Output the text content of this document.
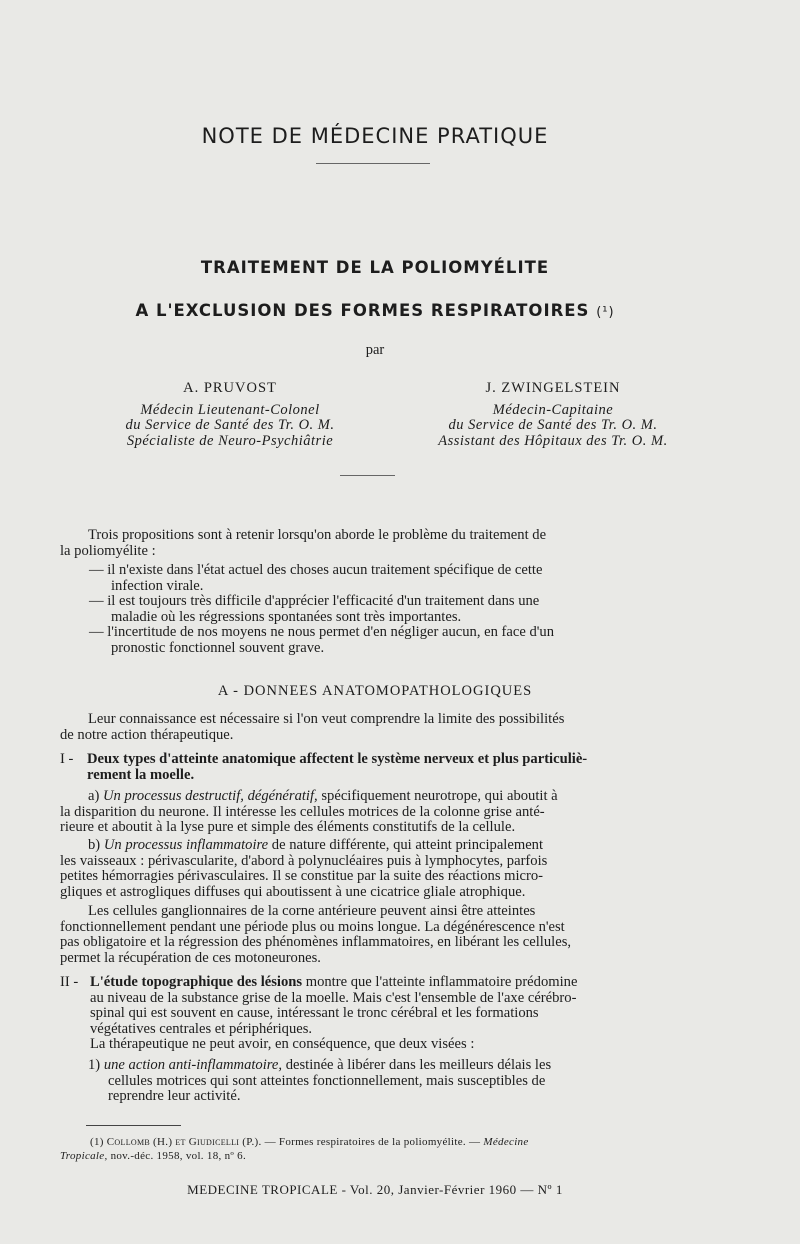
NOTE DE MÉDECINE PRATIQUE
TRAITEMENT DE LA POLIOMYÉLITE
A L'EXCLUSION DES FORMES RESPIRATOIRES (¹)
par
A. PRUVOST
Médecin Lieutenant-Colonel
du Service de Santé des Tr. O. M.
Spécialiste de Neuro-Psychiâtrie
J. ZWINGELSTEIN
Médecin-Capitaine
du Service de Santé des Tr. O. M.
Assistant des Hôpitaux des Tr. O. M.
Trois propositions sont à retenir lorsqu'on aborde le problème du traitement de
la poliomyélite :
— il n'existe dans l'état actuel des choses aucun traitement spécifique de cette
infection virale.
— il est toujours très difficile d'apprécier l'efficacité d'un traitement dans une
maladie où les régressions spontanées sont très importantes.
— l'incertitude de nos moyens ne nous permet d'en négliger aucun, en face d'un
pronostic fonctionnel souvent grave.
A - DONNEES ANATOMOPATHOLOGIQUES
Leur connaissance est nécessaire si l'on veut comprendre la limite des possibilités
de notre action thérapeutique.
I - Deux types d'atteinte anatomique affectent le système nerveux et plus particuliè-
rement la moelle.
a) Un processus destructif, dégénératif, spécifiquement neurotrope, qui aboutit à
la disparition du neurone. Il intéresse les cellules motrices de la colonne grise anté-
rieure et aboutit à la lyse pure et simple des éléments constitutifs de la cellule.
b) Un processus inflammatoire de nature différente, qui atteint principalement
les vaisseaux : périvascularite, d'abord à polynucléaires puis à lymphocytes, parfois
petites hémorragies périvasculaires. Il se constitue par la suite des réactions micro-
gliques et astrogliques diffuses qui aboutissent à une cicatrice gliale atrophique.
Les cellules ganglionnaires de la corne antérieure peuvent ainsi être atteintes
fonctionnellement pendant une période plus ou moins longue. La dégénérescence n'est
pas obligatoire et la régression des phénomènes inflammatoires, en libérant les cellules,
permet la récupération de ces motoneurones.
II - L'étude topographique des lésions montre que l'atteinte inflammatoire prédomine
au niveau de la substance grise de la moelle. Mais c'est l'ensemble de l'axe cérébro-
spinal qui est souvent en cause, intéressant le tronc cérébral et les formations
végétatives centrales et périphériques.
La thérapeutique ne peut avoir, en conséquence, que deux visées :
1) une action anti-inflammatoire, destinée à libérer dans les meilleurs délais les
cellules motrices qui sont atteintes fonctionnellement, mais susceptibles de
reprendre leur activité.
(1) Collomb (H.) et Giudicelli (P.). — Formes respiratoires de la poliomyélite. — Médecine
Tropicale, nov.-déc. 1958, vol. 18, nº 6.
MEDECINE TROPICALE - Vol. 20, Janvier-Février 1960 — Nº 1
